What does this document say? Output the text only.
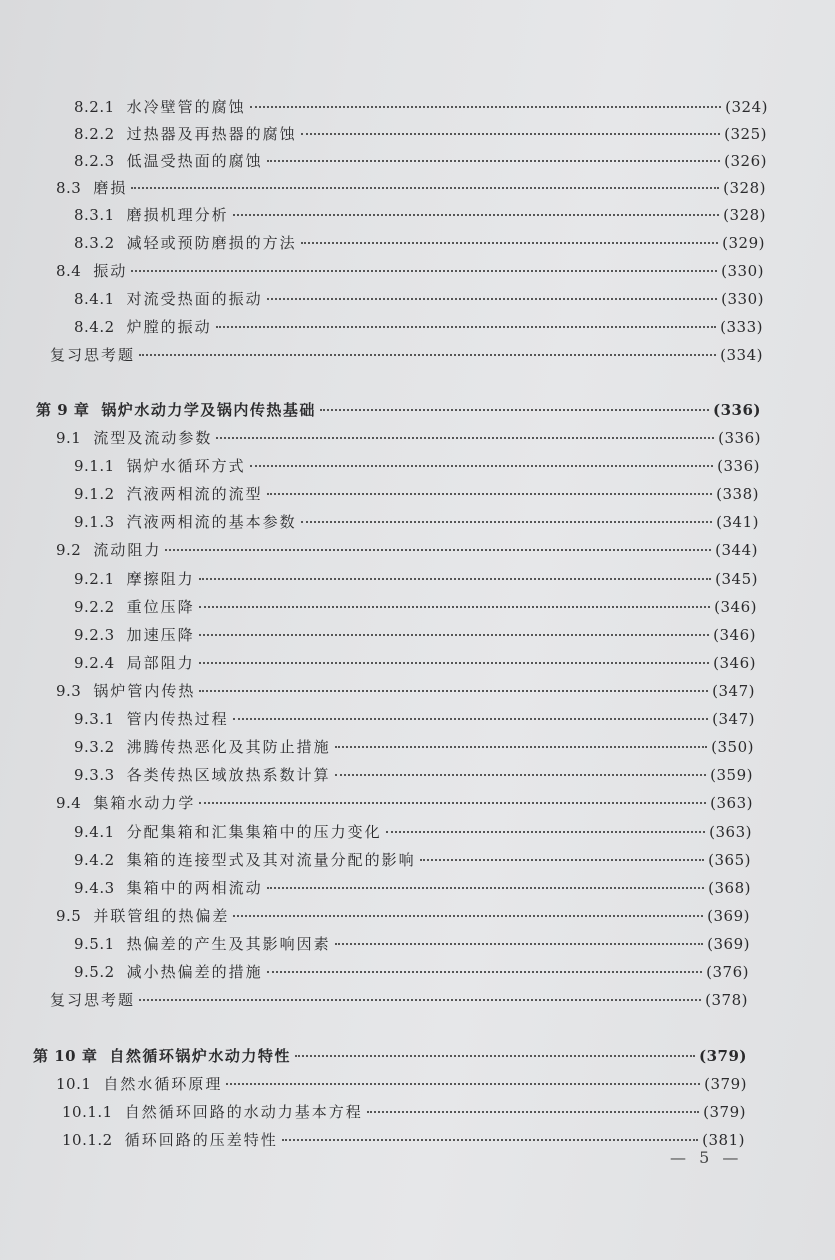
8.2.1 水冷壁管的腐蚀	(324)
8.2.2 过热器及再热器的腐蚀	(325)
8.2.3 低温受热面的腐蚀	(326)
8.3 磨损	(328)
8.3.1 磨损机理分析	(328)
8.3.2 减轻或预防磨损的方法	(329)
8.4 振动	(330)
8.4.1 对流受热面的振动	(330)
8.4.2 炉膛的振动	(333)
复习思考题	(334)
第 9 章 锅炉水动力学及锅内传热基础	(336)
9.1 流型及流动参数	(336)
9.1.1 锅炉水循环方式	(336)
9.1.2 汽液两相流的流型	(338)
9.1.3 汽液两相流的基本参数	(341)
9.2 流动阻力	(344)
9.2.1 摩擦阻力	(345)
9.2.2 重位压降	(346)
9.2.3 加速压降	(346)
9.2.4 局部阻力	(346)
9.3 锅炉管内传热	(347)
9.3.1 管内传热过程	(347)
9.3.2 沸腾传热恶化及其防止措施	(350)
9.3.3 各类传热区域放热系数计算	(359)
9.4 集箱水动力学	(363)
9.4.1 分配集箱和汇集集箱中的压力变化	(363)
9.4.2 集箱的连接型式及其对流量分配的影响	(365)
9.4.3 集箱中的两相流动	(368)
9.5 并联管组的热偏差	(369)
9.5.1 热偏差的产生及其影响因素	(369)
9.5.2 减小热偏差的措施	(376)
复习思考题	(378)
第 10 章 自然循环锅炉水动力特性	(379)
10.1 自然水循环原理	(379)
10.1.1 自然循环回路的水动力基本方程	(379)
10.1.2 循环回路的压差特性	(381)
— 5 —
